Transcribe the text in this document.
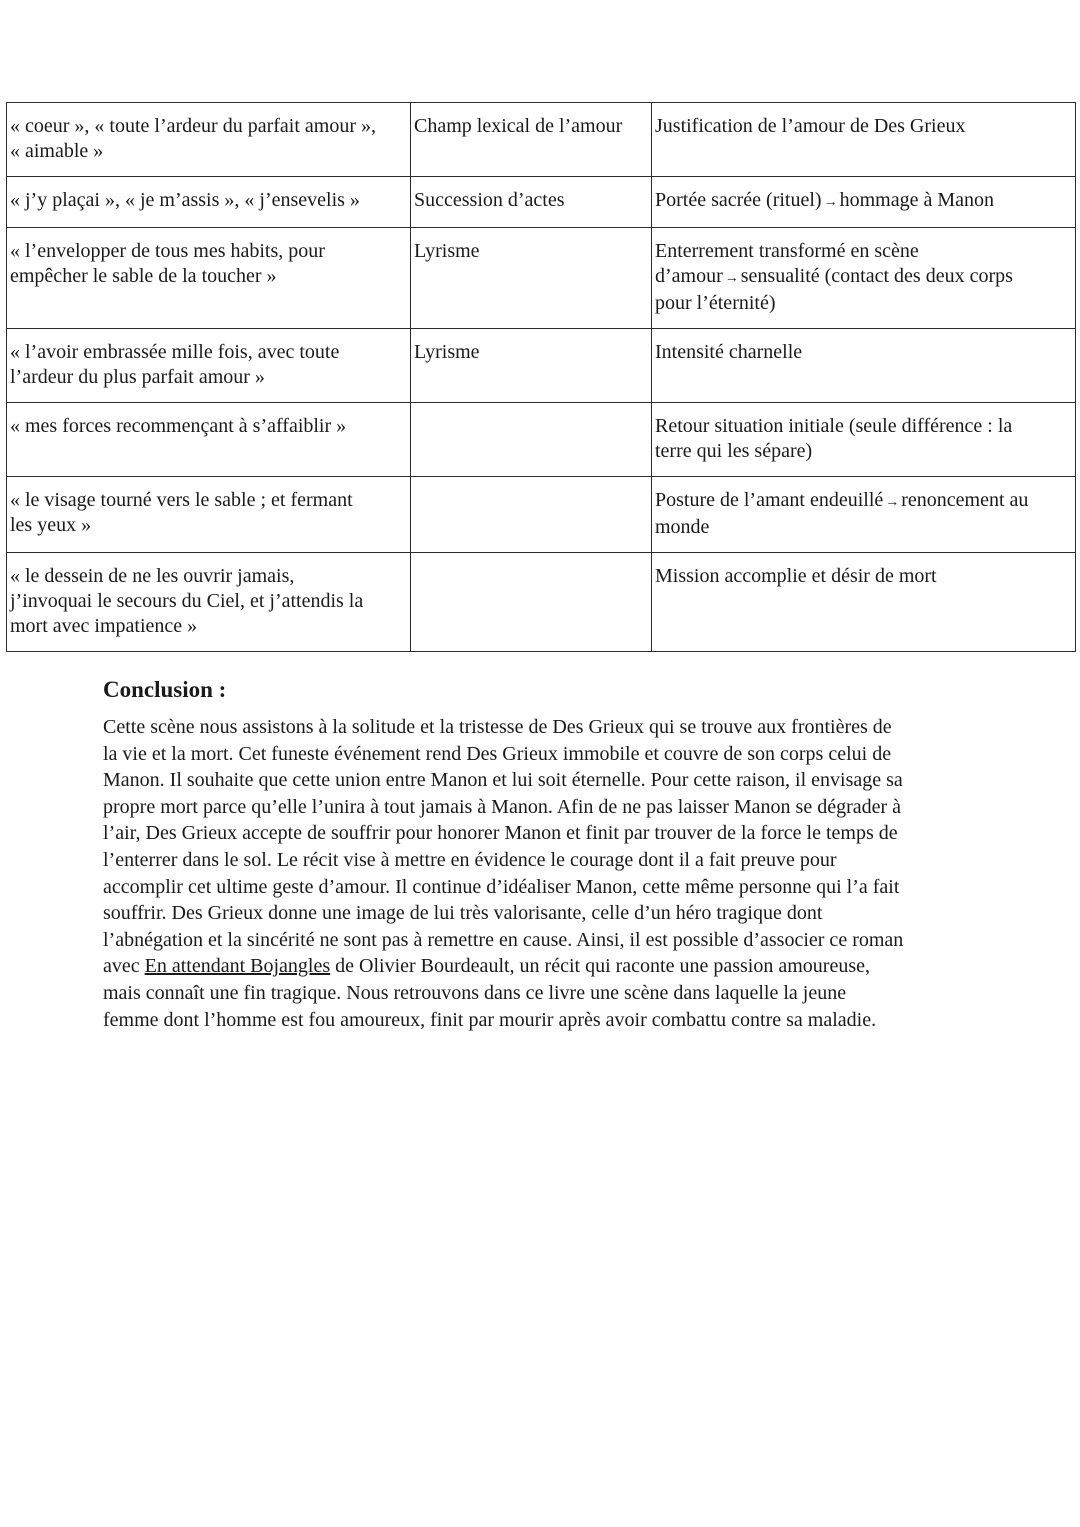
« coeur », « toute l’ardeur du parfait amour »,
« aimable »	Champ lexical de l’amour	Justification de l’amour de Des Grieux

« j’y plaçai », « je m’assis », « j’ensevelis »	Succession d’actes	Portée sacrée (rituel) → hommage à Manon

« l’envelopper de tous mes habits, pour
empêcher le sable de la toucher »	Lyrisme	Enterrement transformé en scène
d’amour → sensualité (contact des deux corps
pour l’éternité)

« l’avoir embrassée mille fois, avec toute
l’ardeur du plus parfait amour »	Lyrisme	Intensité charnelle

« mes forces recommençant à s’affaiblir »		Retour situation initiale (seule différence : la
terre qui les sépare)

« le visage tourné vers le sable ; et fermant
les yeux »		Posture de l’amant endeuillé → renoncement au
monde

« le dessein de ne les ouvrir jamais,
j’invoquai le secours du Ciel, et j’attendis la
mort avec impatience »		Mission accomplie et désir de mort
Conclusion :
Cette scène nous assistons à la solitude et la tristesse de Des Grieux qui se trouve aux frontières de
la vie et la mort. Cet funeste événement rend Des Grieux immobile et couvre de son corps celui de
Manon. Il souhaite que cette union entre Manon et lui soit éternelle. Pour cette raison, il envisage sa
propre mort parce qu’elle l’unira à tout jamais à Manon. Afin de ne pas laisser Manon se dégrader à
l’air, Des Grieux accepte de souffrir pour honorer Manon et finit par trouver de la force le temps de
l’enterrer dans le sol. Le récit vise à mettre en évidence le courage dont il a fait preuve pour
accomplir cet ultime geste d’amour. Il continue d’idéaliser Manon, cette même personne qui l’a fait
souffrir. Des Grieux donne une image de lui très valorisante, celle d’un héro tragique dont
l’abnégation et la sincérité ne sont pas à remettre en cause. Ainsi, il est possible d’associer ce roman
avec En attendant Bojangles de Olivier Bourdeault, un récit qui raconte une passion amoureuse,
mais connaît une fin tragique. Nous retrouvons dans ce livre une scène dans laquelle la jeune
femme dont l’homme est fou amoureux, finit par mourir après avoir combattu contre sa maladie.
